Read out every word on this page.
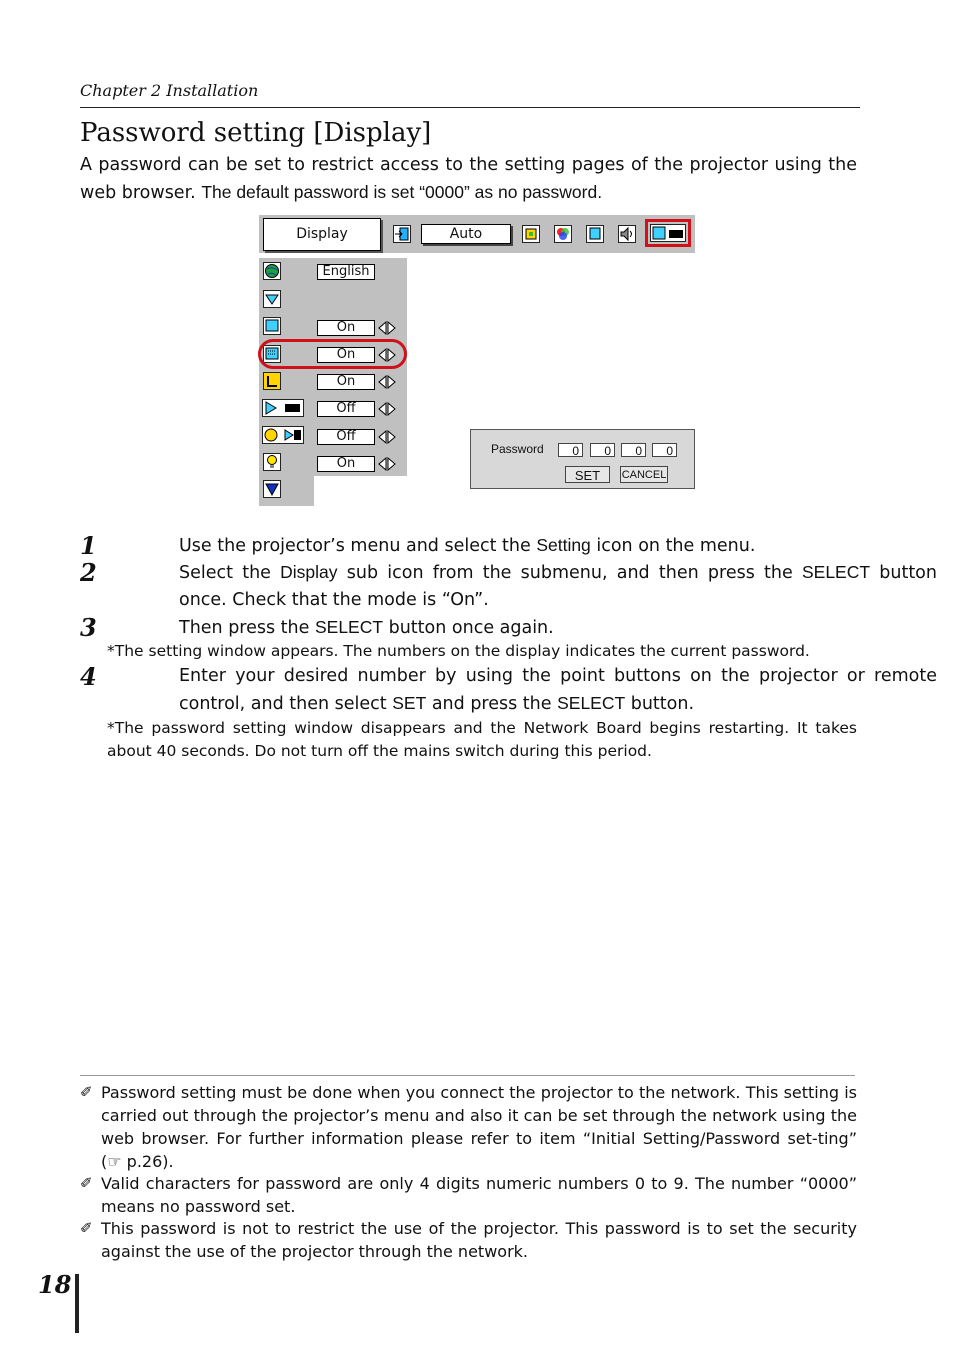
Chapter 2 Installation
Password setting [Display]
A password can be set to restrict access to the setting pages of the projector using the web browser. The default password is set “0000” as no password.
Display	Auto
English
On
On
On
Off
Off
On
Password	0	0	0	0
SET	CANCEL
1	Use the projector’s menu and select the Setting icon on the menu.
2	Select the Display sub icon from the submenu, and then press the SELECT button once. Check that the mode is “On”.
3	Then press the SELECT button once again.
*The setting window appears. The numbers on the display indicates the current password.
4	Enter your desired number by using the point buttons on the projector or remote control, and then select SET and press the SELECT button.
*The password setting window disappears and the Network Board begins restarting. It takes about 40 seconds. Do not turn off the mains switch during this period.
✐ Password setting must be done when you connect the projector to the network. This setting is carried out through the projector’s menu and also it can be set through the network using the web browser. For further information please refer to item “Initial Setting/Password set-ting” (☞ p.26).
✐ Valid characters for password are only 4 digits numeric numbers 0 to 9. The number “0000” means no password set.
✐ This password is not to restrict the use of the projector. This password is to set the security against the use of the projector through the network.
18
